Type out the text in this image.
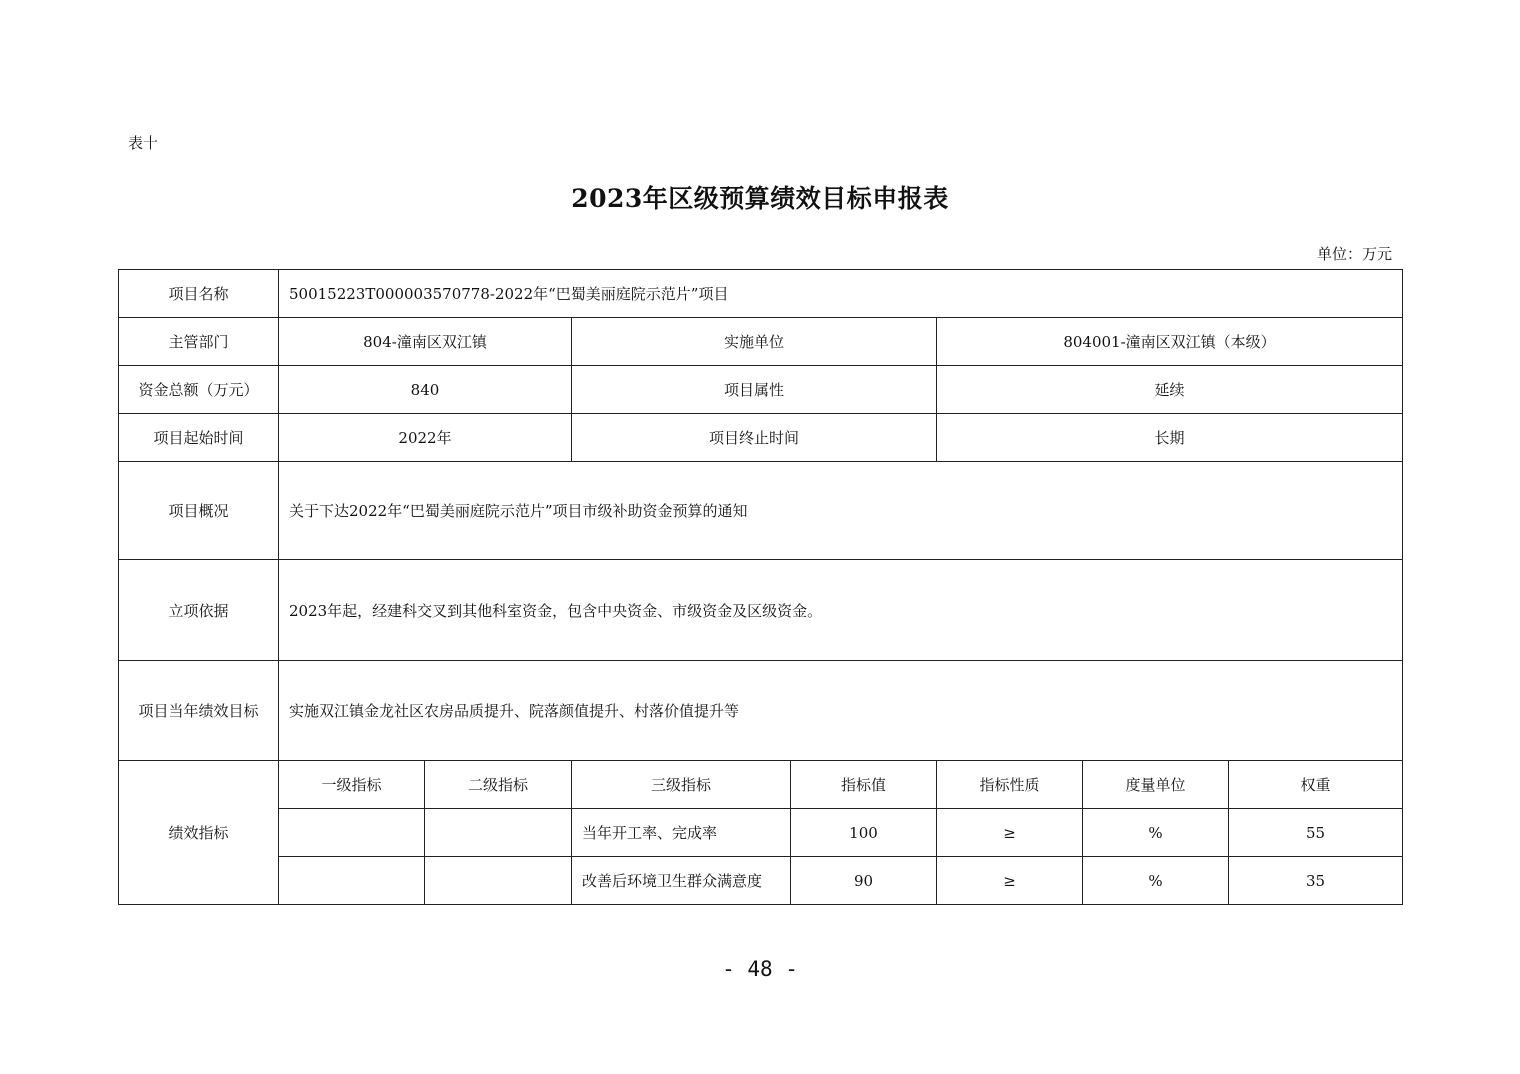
表十
2023年区级预算绩效目标申报表
单位：万元
项目名称	50015223T000003570778-2022年“巴蜀美丽庭院示范片”项目						
主管部门	804-潼南区双江镇		实施单位		804001-潼南区双江镇（本级）		
资金总额（万元）	840		项目属性		延续		
项目起始时间	2022年		项目终止时间		长期		
项目概况	关于下达2022年“巴蜀美丽庭院示范片”项目市级补助资金预算的通知						
立项依据	2023年起，经建科交叉到其他科室资金，包含中央资金、市级资金及区级资金。						
项目当年绩效目标	实施双江镇金龙社区农房品质提升、院落颜值提升、村落价值提升等						
绩效指标	一级指标	二级指标	三级指标	指标值	指标性质	度量单位	权重
			当年开工率、完成率	100	≥	%	55
			改善后环境卫生群众满意度	90	≥	%	35
- 48 -
